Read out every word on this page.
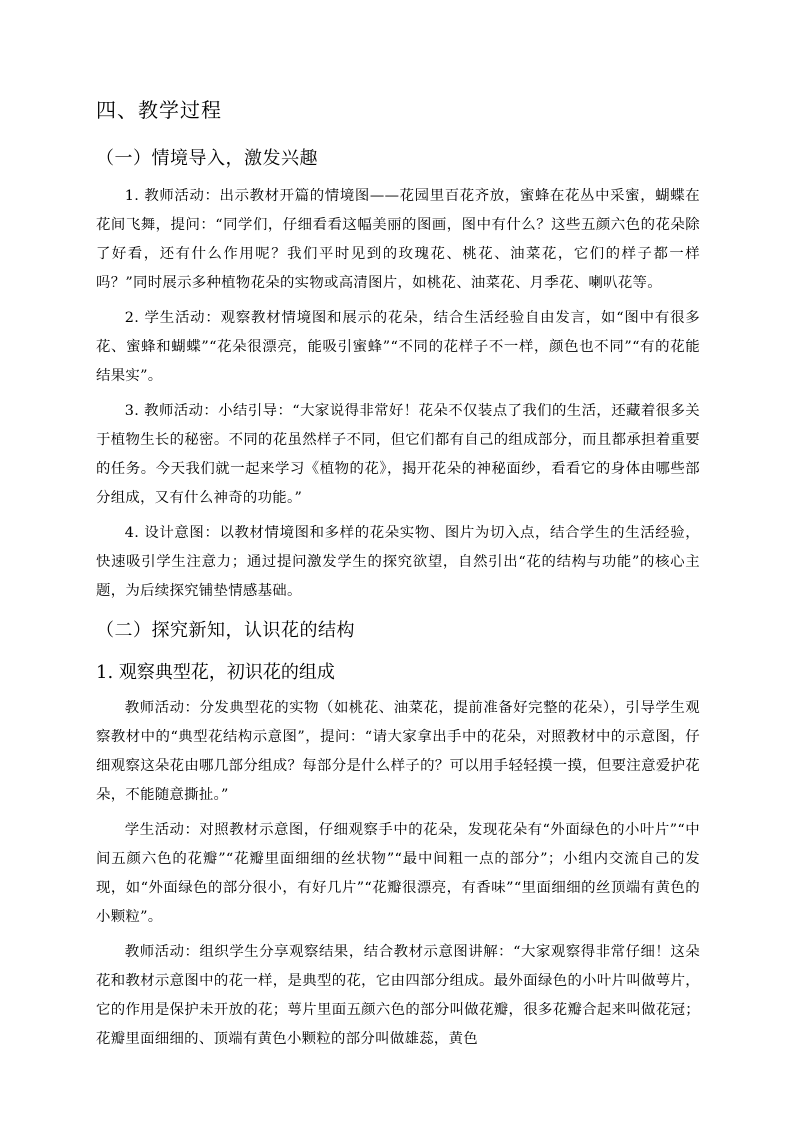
四、教学过程
（一）情境导入，激发兴趣

1. 教师活动：出示教材开篇的情境图——花园里百花齐放，蜜蜂在花丛中采蜜，蝴蝶在花间飞舞，提问：“同学们，仔细看看这幅美丽的图画，图中有什么？这些五颜六色的花朵除了好看，还有什么作用呢？我们平时见到的玫瑰花、桃花、油菜花，它们的样子都一样吗？”同时展示多种植物花朵的实物或高清图片，如桃花、油菜花、月季花、喇叭花等。

2. 学生活动：观察教材情境图和展示的花朵，结合生活经验自由发言，如“图中有很多花、蜜蜂和蝴蝶”“花朵很漂亮，能吸引蜜蜂”“不同的花样子不一样，颜色也不同”“有的花能结果实”。

3. 教师活动：小结引导：“大家说得非常好！花朵不仅装点了我们的生活，还藏着很多关于植物生长的秘密。不同的花虽然样子不同，但它们都有自己的组成部分，而且都承担着重要的任务。今天我们就一起来学习《植物的花》，揭开花朵的神秘面纱，看看它的身体由哪些部分组成，又有什么神奇的功能。”

4. 设计意图：以教材情境图和多样的花朵实物、图片为切入点，结合学生的生活经验，快速吸引学生注意力；通过提问激发学生的探究欲望，自然引出“花的结构与功能”的核心主题，为后续探究铺垫情感基础。

（二）探究新知，认识花的结构
1. 观察典型花，初识花的组成

教师活动：分发典型花的实物（如桃花、油菜花，提前准备好完整的花朵），引导学生观察教材中的“典型花结构示意图”，提问：“请大家拿出手中的花朵，对照教材中的示意图，仔细观察这朵花由哪几部分组成？每部分是什么样子的？可以用手轻轻摸一摸，但要注意爱护花朵，不能随意撕扯。”

学生活动：对照教材示意图，仔细观察手中的花朵，发现花朵有“外面绿色的小叶片”“中间五颜六色的花瓣”“花瓣里面细细的丝状物”“最中间粗一点的部分”；小组内交流自己的发现，如“外面绿色的部分很小，有好几片”“花瓣很漂亮，有香味”“里面细细的丝顶端有黄色的小颗粒”。

教师活动：组织学生分享观察结果，结合教材示意图讲解：“大家观察得非常仔细！这朵花和教材示意图中的花一样，是典型的花，它由四部分组成。最外面绿色的小叶片叫做萼片，它的作用是保护未开放的花；萼片里面五颜六色的部分叫做花瓣，很多花瓣合起来叫做花冠；花瓣里面细细的、顶端有黄色小颗粒的部分叫做雄蕊，黄色
